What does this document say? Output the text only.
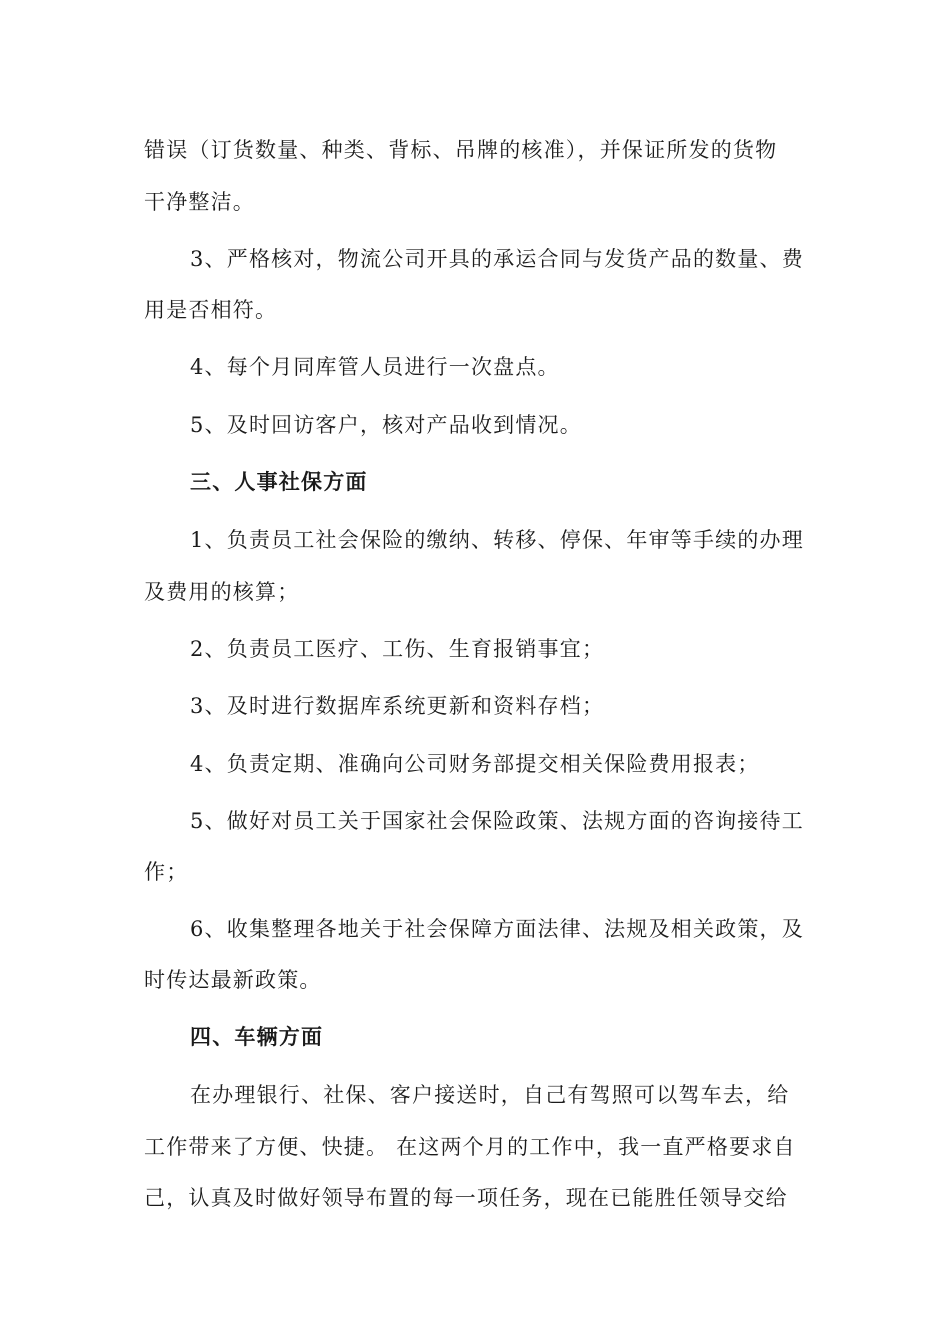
错误（订货数量、种类、背标、吊牌的核准），并保证所发的货物
干净整洁。
3、严格核对，物流公司开具的承运合同与发货产品的数量、费
用是否相符。
4、每个月同库管人员进行一次盘点。
5、及时回访客户，核对产品收到情况。
三、人事社保方面
1、负责员工社会保险的缴纳、转移、停保、年审等手续的办理
及费用的核算；
2、负责员工医疗、工伤、生育报销事宜；
3、及时进行数据库系统更新和资料存档；
4、负责定期、准确向公司财务部提交相关保险费用报表；
5、做好对员工关于国家社会保险政策、法规方面的咨询接待工
作；
6、收集整理各地关于社会保障方面法律、法规及相关政策，及
时传达最新政策。
四、车辆方面
在办理银行、社保、客户接送时，自己有驾照可以驾车去，给
工作带来了方便、快捷。 在这两个月的工作中，我一直严格要求自
己，认真及时做好领导布置的每一项任务，现在已能胜任领导交给
